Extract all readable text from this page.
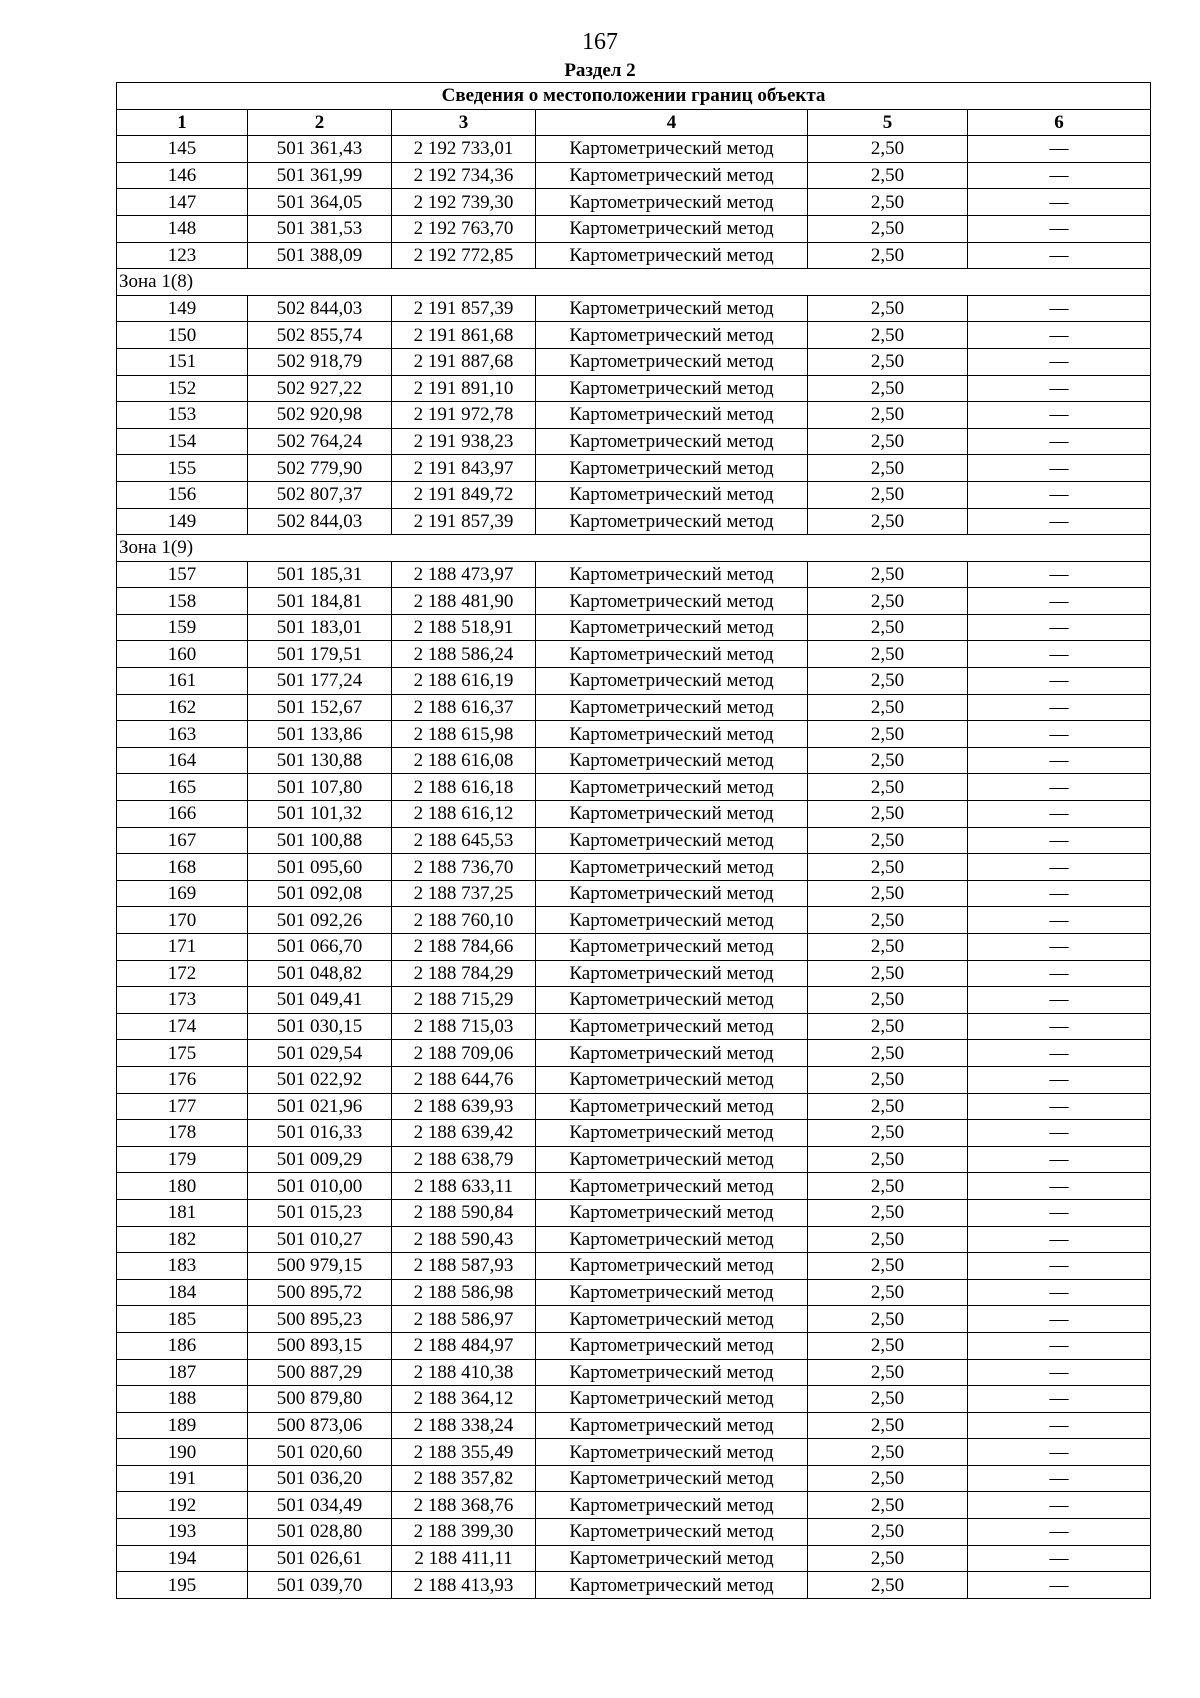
167
Раздел 2
Сведения о местоположении границ объекта					
1	2	3	4	5	6
145	501 361,43	2 192 733,01	Картометрический метод	2,50	—
146	501 361,99	2 192 734,36	Картометрический метод	2,50	—
147	501 364,05	2 192 739,30	Картометрический метод	2,50	—
148	501 381,53	2 192 763,70	Картометрический метод	2,50	—
123	501 388,09	2 192 772,85	Картометрический метод	2,50	—
Зона 1(8)					
149	502 844,03	2 191 857,39	Картометрический метод	2,50	—
150	502 855,74	2 191 861,68	Картометрический метод	2,50	—
151	502 918,79	2 191 887,68	Картометрический метод	2,50	—
152	502 927,22	2 191 891,10	Картометрический метод	2,50	—
153	502 920,98	2 191 972,78	Картометрический метод	2,50	—
154	502 764,24	2 191 938,23	Картометрический метод	2,50	—
155	502 779,90	2 191 843,97	Картометрический метод	2,50	—
156	502 807,37	2 191 849,72	Картометрический метод	2,50	—
149	502 844,03	2 191 857,39	Картометрический метод	2,50	—
Зона 1(9)					
157	501 185,31	2 188 473,97	Картометрический метод	2,50	—
158	501 184,81	2 188 481,90	Картометрический метод	2,50	—
159	501 183,01	2 188 518,91	Картометрический метод	2,50	—
160	501 179,51	2 188 586,24	Картометрический метод	2,50	—
161	501 177,24	2 188 616,19	Картометрический метод	2,50	—
162	501 152,67	2 188 616,37	Картометрический метод	2,50	—
163	501 133,86	2 188 615,98	Картометрический метод	2,50	—
164	501 130,88	2 188 616,08	Картометрический метод	2,50	—
165	501 107,80	2 188 616,18	Картометрический метод	2,50	—
166	501 101,32	2 188 616,12	Картометрический метод	2,50	—
167	501 100,88	2 188 645,53	Картометрический метод	2,50	—
168	501 095,60	2 188 736,70	Картометрический метод	2,50	—
169	501 092,08	2 188 737,25	Картометрический метод	2,50	—
170	501 092,26	2 188 760,10	Картометрический метод	2,50	—
171	501 066,70	2 188 784,66	Картометрический метод	2,50	—
172	501 048,82	2 188 784,29	Картометрический метод	2,50	—
173	501 049,41	2 188 715,29	Картометрический метод	2,50	—
174	501 030,15	2 188 715,03	Картометрический метод	2,50	—
175	501 029,54	2 188 709,06	Картометрический метод	2,50	—
176	501 022,92	2 188 644,76	Картометрический метод	2,50	—
177	501 021,96	2 188 639,93	Картометрический метод	2,50	—
178	501 016,33	2 188 639,42	Картометрический метод	2,50	—
179	501 009,29	2 188 638,79	Картометрический метод	2,50	—
180	501 010,00	2 188 633,11	Картометрический метод	2,50	—
181	501 015,23	2 188 590,84	Картометрический метод	2,50	—
182	501 010,27	2 188 590,43	Картометрический метод	2,50	—
183	500 979,15	2 188 587,93	Картометрический метод	2,50	—
184	500 895,72	2 188 586,98	Картометрический метод	2,50	—
185	500 895,23	2 188 586,97	Картометрический метод	2,50	—
186	500 893,15	2 188 484,97	Картометрический метод	2,50	—
187	500 887,29	2 188 410,38	Картометрический метод	2,50	—
188	500 879,80	2 188 364,12	Картометрический метод	2,50	—
189	500 873,06	2 188 338,24	Картометрический метод	2,50	—
190	501 020,60	2 188 355,49	Картометрический метод	2,50	—
191	501 036,20	2 188 357,82	Картометрический метод	2,50	—
192	501 034,49	2 188 368,76	Картометрический метод	2,50	—
193	501 028,80	2 188 399,30	Картометрический метод	2,50	—
194	501 026,61	2 188 411,11	Картометрический метод	2,50	—
195	501 039,70	2 188 413,93	Картометрический метод	2,50	—
